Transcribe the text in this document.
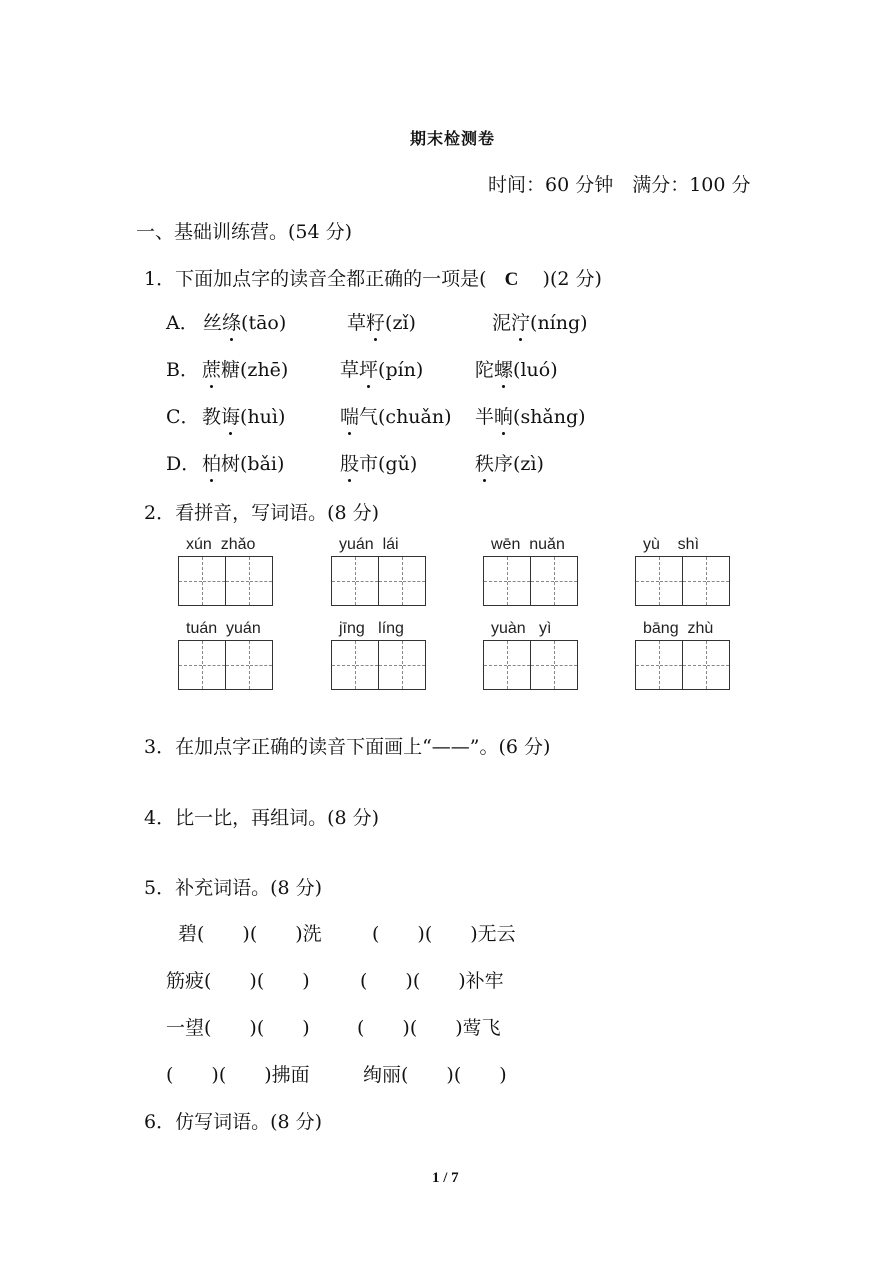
期末检测卷
时间：60 分钟　满分：100 分
一、基础训练营。(54 分)
1．下面加点字的读音全都正确的一项是( C )(2 分)
A． 丝绦(tāo)	草籽(zǐ)	泥泞(níng)
B． 蔗糖(zhē)	草坪(pín)	陀螺(luó)
C． 教诲(huì)	喘气(chuǎn) 半晌(shǎng)
D． 柏树(bǎi)	股市(gǔ)	秩序(zì)
2．看拼音，写词语。(8 分)
xún  zhǎo	yuán  lái	wēn  nuǎn	yù    shì
tuán  yuán	jīng   líng	yuàn   yì	bāng  zhù
3．在加点字正确的读音下面画上“——”。(6 分)
4．比一比，再组词。(8 分)
5．补充词语。(8 分)
碧(　　)(　　)洗	(　　)(　　)无云
筋疲(　　)(　　)	(　　)(　　)补牢
一望(　　)(　　) (　　)(　　)莺飞
(　　)(　　)拂面	绚丽(　　)(　　)
6．仿写词语。(8 分)
1 / 7
